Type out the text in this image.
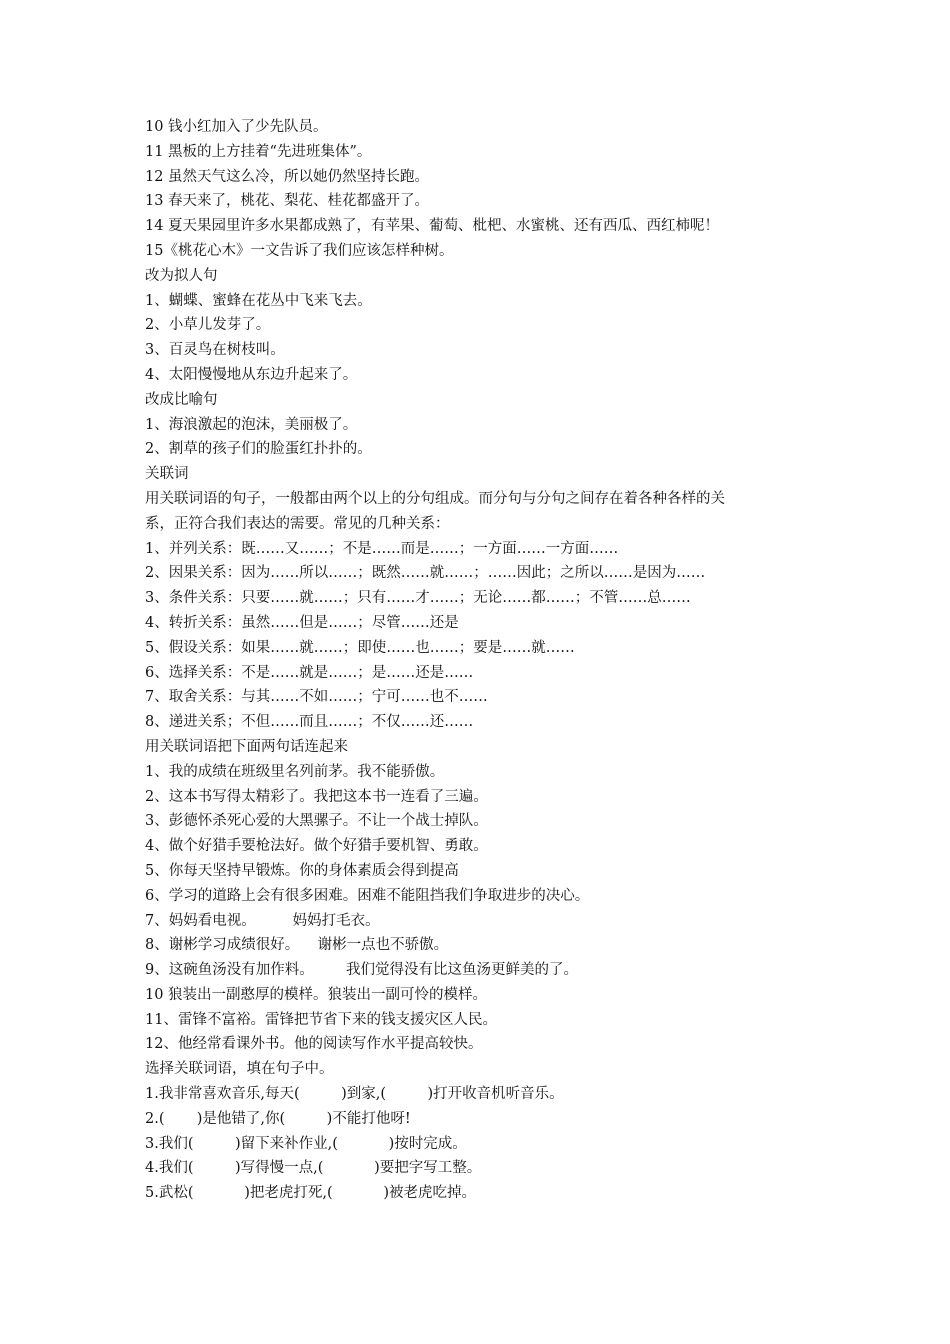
10 钱小红加入了少先队员。
11 黑板的上方挂着“先进班集体”。
12 虽然天气这么冷，所以她仍然坚持长跑。
13 春天来了，桃花、梨花、桂花都盛开了。
14 夏天果园里许多水果都成熟了，有苹果、葡萄、枇杷、水蜜桃、还有西瓜、西红柿呢！
15《桃花心木》一文告诉了我们应该怎样种树。
改为拟人句
1、蝴蝶、蜜蜂在花丛中飞来飞去。
2、小草儿发芽了。
3、百灵鸟在树枝叫。
4、太阳慢慢地从东边升起来了。
改成比喻句
1、海浪激起的泡沫，美丽极了。
2、割草的孩子们的脸蛋红扑扑的。
关联词
用关联词语的句子，一般都由两个以上的分句组成。而分句与分句之间存在着各种各样的关
系，正符合我们表达的需要。常见的几种关系：
1、并列关系：既……又……；不是……而是……；一方面……一方面……
2、因果关系：因为……所以……；既然……就……；……因此；之所以……是因为……
3、条件关系：只要……就……；只有……才……；无论……都……；不管……总……
4、转折关系：虽然……但是……；尽管……还是
5、假设关系：如果……就……；即使……也……；要是……就……
6、选择关系：不是……就是……；是……还是……
7、取舍关系：与其……不如……；宁可……也不……
8、递进关系；不但……而且……；不仅……还……
用关联词语把下面两句话连起来
1、我的成绩在班级里名列前茅。我不能骄傲。
2、这本书写得太精彩了。我把这本书一连看了三遍。
3、彭德怀杀死心爱的大黑骡子。不让一个战士掉队。
4、做个好猎手要枪法好。做个好猎手要机智、勇敢。
5、你每天坚持早锻炼。你的身体素质会得到提高
6、学习的道路上会有很多困难。困难不能阻挡我们争取进步的决心。
7、妈妈看电视。        妈妈打毛衣。
8、谢彬学习成绩很好。    谢彬一点也不骄傲。
9、这碗鱼汤没有加作料。       我们觉得没有比这鱼汤更鲜美的了。
10 狼装出一副憨厚的模样。狼装出一副可怜的模样。
11、雷锋不富裕。雷锋把节省下来的钱支援灾区人民。
12、他经常看课外书。他的阅读写作水平提高较快。
选择关联词语，填在句子中。
1.我非常喜欢音乐,每天(         )到家,(         )打开收音机听音乐。
2.(       )是他错了,你(         )不能打他呀!
3.我们(         )留下来补作业,(           )按时完成。
4.我们(         )写得慢一点,(           )要把字写工整。
5.武松(           )把老虎打死,(           )被老虎吃掉。
